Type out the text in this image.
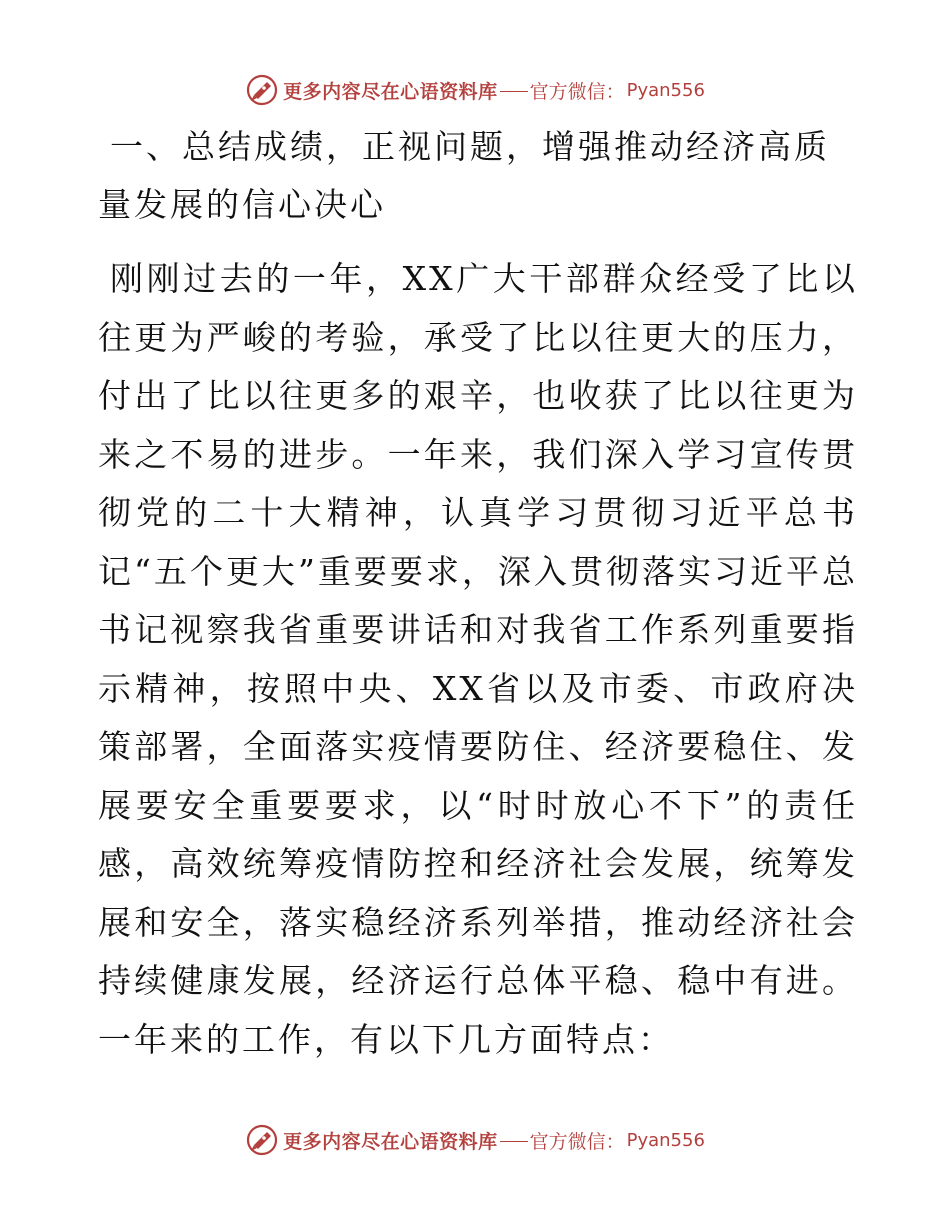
更多内容尽在心语资料库 官方微信： Pyan556
一、总结成绩，正视问题，增强推动经济高质量发展的信心决心

刚刚过去的一年，XX广大干部群众经受了比以往更为严峻的考验，承受了比以往更大的压力，付出了比以往更多的艰辛，也收获了比以往更为来之不易的进步。一年来，我们深入学习宣传贯彻党的二十大精神，认真学习贯彻习近平总书记“五个更大”重要要求，深入贯彻落实习近平总书记视察我省重要讲话和对我省工作系列重要指示精神，按照中央、XX省以及市委、市政府决策部署，全面落实疫情要防住、经济要稳住、发展要安全重要要求，以“时时放心不下”的责任感，高效统筹疫情防控和经济社会发展，统筹发展和安全，落实稳经济系列举措，推动经济社会持续健康发展，经济运行总体平稳、稳中有进。一年来的工作，有以下几方面特点：

更多内容尽在心语资料库 官方微信： Pyan556
